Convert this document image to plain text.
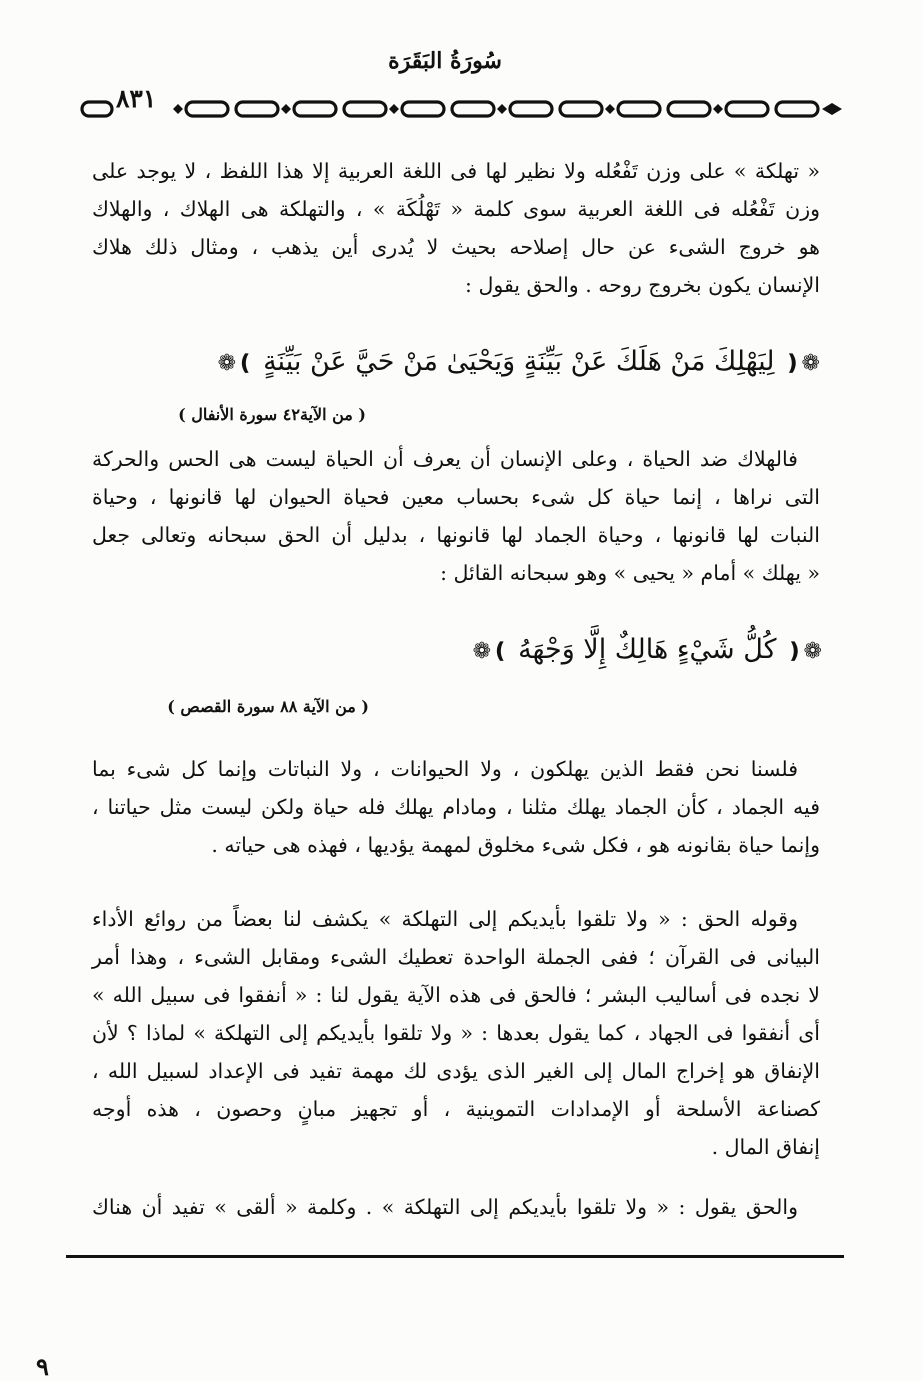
سُورَةُ البَقَرَة
٨٣١
« تهلكة » على وزن تَفْعُله ولا نظير لها فى اللغة العربية إلا هذا اللفظ ، لا يوجد على
وزن تَفْعُله فى اللغة العربية سوى كلمة « تَهْلُكَة » ، والتهلكة هى الهلاك ، والهلاك
هو خروج الشىء عن حال إصلاحه بحيث لا يُدرى أين يذهب ، ومثال ذلك هلاك
الإنسان يكون بخروج روحه . والحق يقول :
❁❪ لِيَهْلِكَ مَنْ هَلَكَ عَنْ بَيِّنَةٍ وَيَحْيَىٰ مَنْ حَيَّ عَنْ بَيِّنَةٍ ❫❁
( من الآية٤٢ سورة الأنفال )
فالهلاك ضد الحياة ، وعلى الإنسان أن يعرف أن الحياة ليست هى الحس والحركة
التى نراها ، إنما حياة كل شىء بحساب معين فحياة الحيوان لها قانونها ، وحياة
النبات لها قانونها ، وحياة الجماد لها قانونها ، بدليل أن الحق سبحانه وتعالى جعل
« يهلك » أمام « يحيى » وهو سبحانه القائل :
❁❪ كُلُّ شَيْءٍ هَالِكٌ إِلَّا وَجْهَهُ ❫❁
( من الآية ٨٨ سورة القصص )
فلسنا نحن فقط الذين يهلكون ، ولا الحيوانات ، ولا النباتات وإنما كل شىء بما
فيه الجماد ، كأن الجماد يهلك مثلنا ، ومادام يهلك فله حياة ولكن ليست مثل حياتنا ،
وإنما حياة بقانونه هو ، فكل شىء مخلوق لمهمة يؤديها ، فهذه هى حياته .
وقوله الحق : « ولا تلقوا بأيديكم إلى التهلكة » يكشف لنا بعضاً من روائع الأداء
البيانى فى القرآن ؛ ففى الجملة الواحدة تعطيك الشىء ومقابل الشىء ، وهذا أمر
لا نجده فى أساليب البشر ؛ فالحق فى هذه الآية يقول لنا : « أنفقوا فى سبيل الله »
أى أنفقوا فى الجهاد ، كما يقول بعدها : « ولا تلقوا بأيديكم إلى التهلكة » لماذا ؟ لأن
الإنفاق هو إخراج المال إلى الغير الذى يؤدى لك مهمة تفيد فى الإعداد لسبيل الله ،
كصناعة الأسلحة أو الإمدادات التموينية ، أو تجهيز مبانٍ وحصون ، هذه أوجه
إنفاق المال .
والحق يقول : « ولا تلقوا بأيديكم إلى التهلكة » . وكلمة « ألقى » تفيد أن هناك
٩
